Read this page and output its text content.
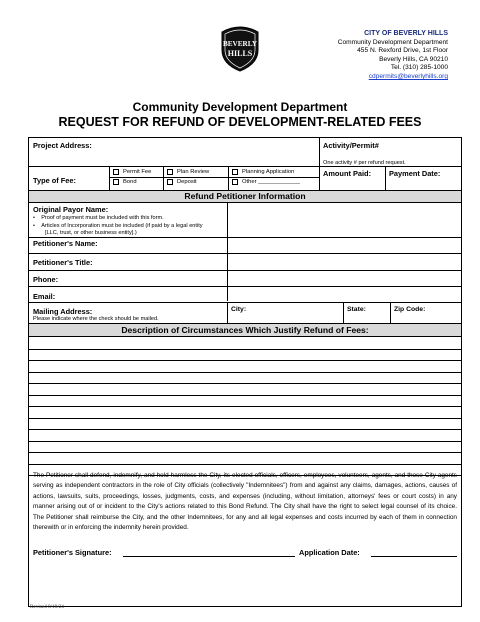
BEVERLY
HILLS
CITY OF BEVERLY HILLS
Community Development Department
455 N. Rexford Drive, 1st Floor
Beverly Hills, CA 90210
Tel. (310) 285-1000
cdpermits@beverlyhills.org
Community Development Department
REQUEST FOR REFUND OF DEVELOPMENT-RELATED FEES
Project Address:	Activity/Permit#
One activity # per refund request.
Type of Fee:
Permit Fee	Plan Review	Planning Application
Bond	Deposit	Other _____________
Amount Paid: Payment Date:
Refund Petitioner Information
Original Payor Name:
•    Proof of payment must be included with this form.
•    Articles of Incorporation must be included (if paid by a legal entity
[LLC, trust, or other business entity].)
Petitioner's Name:
Petitioner's Title:
Phone:
Email:
Mailing Address:
Please indicate where the check should be mailed.
City:	State:	Zip Code:
Description of Circumstances Which Justify Refund of Fees:
The Petitioner shall defend, indemnify, and hold harmless the City, its elected officials, officers, employees, volunteers, agents, and those City agents serving as independent contractors in the role of City officials (collectively "Indemnitees") from and against any claims, damages, actions, causes of actions, lawsuits, suits, proceedings, losses, judgments, costs, and expenses (including, without limitation, attorneys' fees or court costs) in any manner arising out of or incident to the City's actions related to this Bond Refund. The City shall have the right to select legal counsel of its choice. The Petitioner shall reimburse the City, and the other Indemnitees, for any and all legal expenses and costs incurred by each of them in connection therewith or in enforcing the indemnity herein provided.
Petitioner's Signature:	Application Date:
Revised 8/19/24
